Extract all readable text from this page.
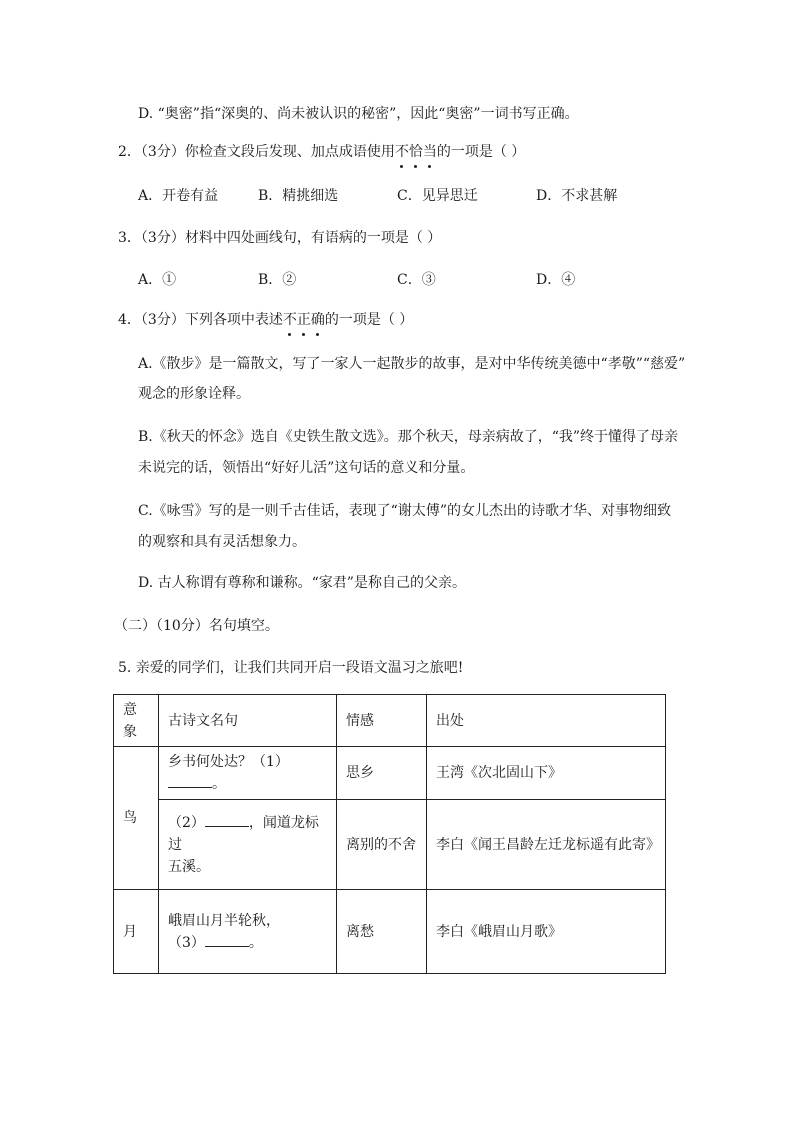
D. “奥密”指“深奥的、尚未被认识的秘密”，因此“奥密”一词书写正确。
2．（3分）你检查文段后发现、加点成语使用不恰当的一项是（ ）
A．开卷有益	B．精挑细选	C．见异思迁	D．不求甚解
3．（3分）材料中四处画线句，有语病的一项是（ ）
A．①	B．②	C．③	D．④
4．（3分）下列各项中表述不正确的一项是（ ）
A.《散步》是一篇散文，写了一家人一起散步的故事，是对中华传统美德中“孝敬”“慈爱”
观念的形象诠释。
B.《秋天的怀念》选自《史铁生散文选》。那个秋天，母亲病故了，“我”终于懂得了母亲
未说完的话，领悟出“好好儿活”这句话的意义和分量。
C.《咏雪》写的是一则千古佳话，表现了“谢太傅”的女儿杰出的诗歌才华、对事物细致
的观察和具有灵活想象力。
D. 古人称谓有尊称和谦称。“家君”是称自己的父亲。
（二）（10分）名句填空。
5. 亲爱的同学们，让我们共同开启一段语文温习之旅吧!
意象	古诗文名句	情感	出处
鸟	乡书何处达？（1）。	思乡	王湾《次北固山下》
	（2） ，闻道龙标过
五溪。	离别的不舍	李白《闻王昌龄左迁龙标遥有此寄》
月	峨眉山月半轮秋，
（3） 。	离愁	李白《峨眉山月歌》
